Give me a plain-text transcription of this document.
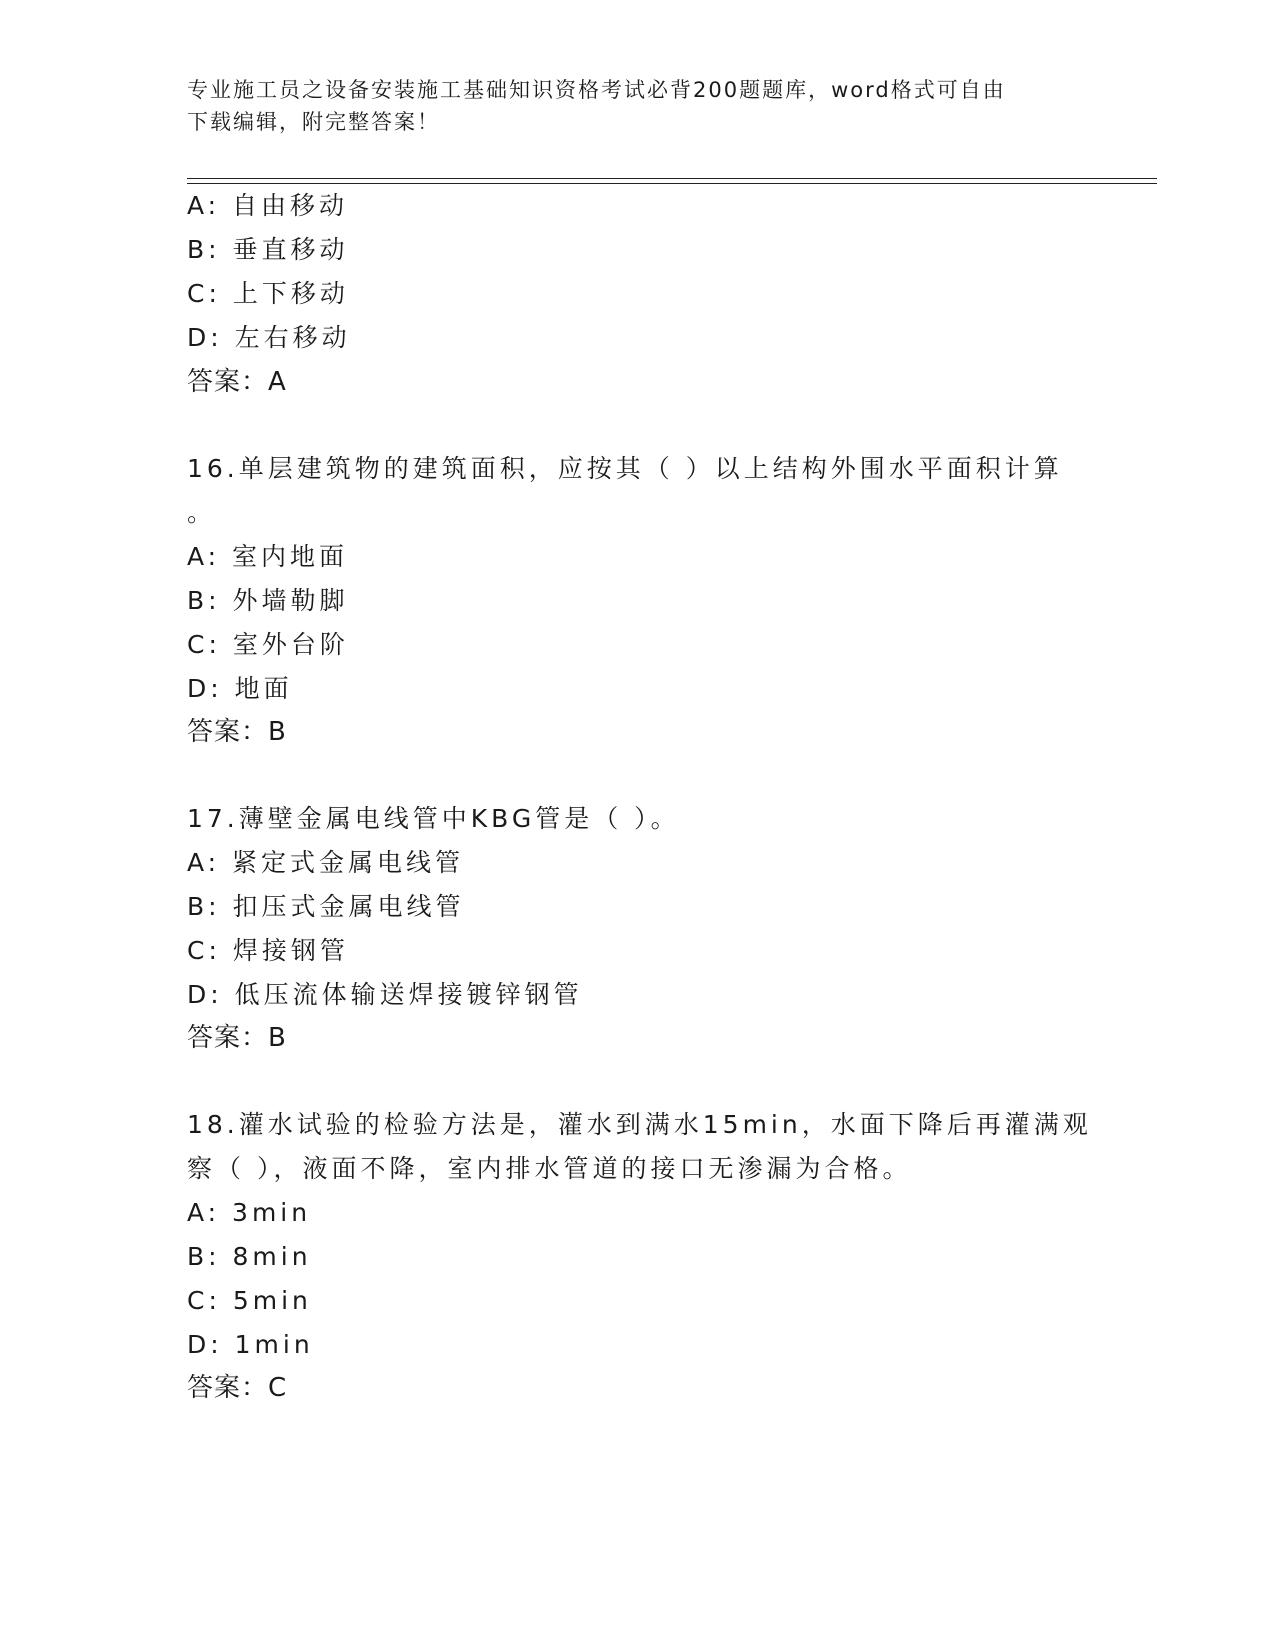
专业施工员之设备安装施工基础知识资格考试必背200题题库，word格式可自由
下载编辑，附完整答案！
A: 自由移动
B: 垂直移动
C: 上下移动
D: 左右移动
答案：A
16.单层建筑物的建筑面积，应按其（ ）以上结构外围水平面积计算
。
A: 室内地面
B: 外墙勒脚
C: 室外台阶
D: 地面
答案：B
17.薄壁金属电线管中KBG管是（ ）。
A: 紧定式金属电线管
B: 扣压式金属电线管
C: 焊接钢管
D: 低压流体输送焊接镀锌钢管
答案：B
18.灌水试验的检验方法是，灌水到满水15min，水面下降后再灌满观
察（ ），液面不降，室内排水管道的接口无渗漏为合格。
A: 3min
B: 8min
C: 5min
D: 1min
答案：C
